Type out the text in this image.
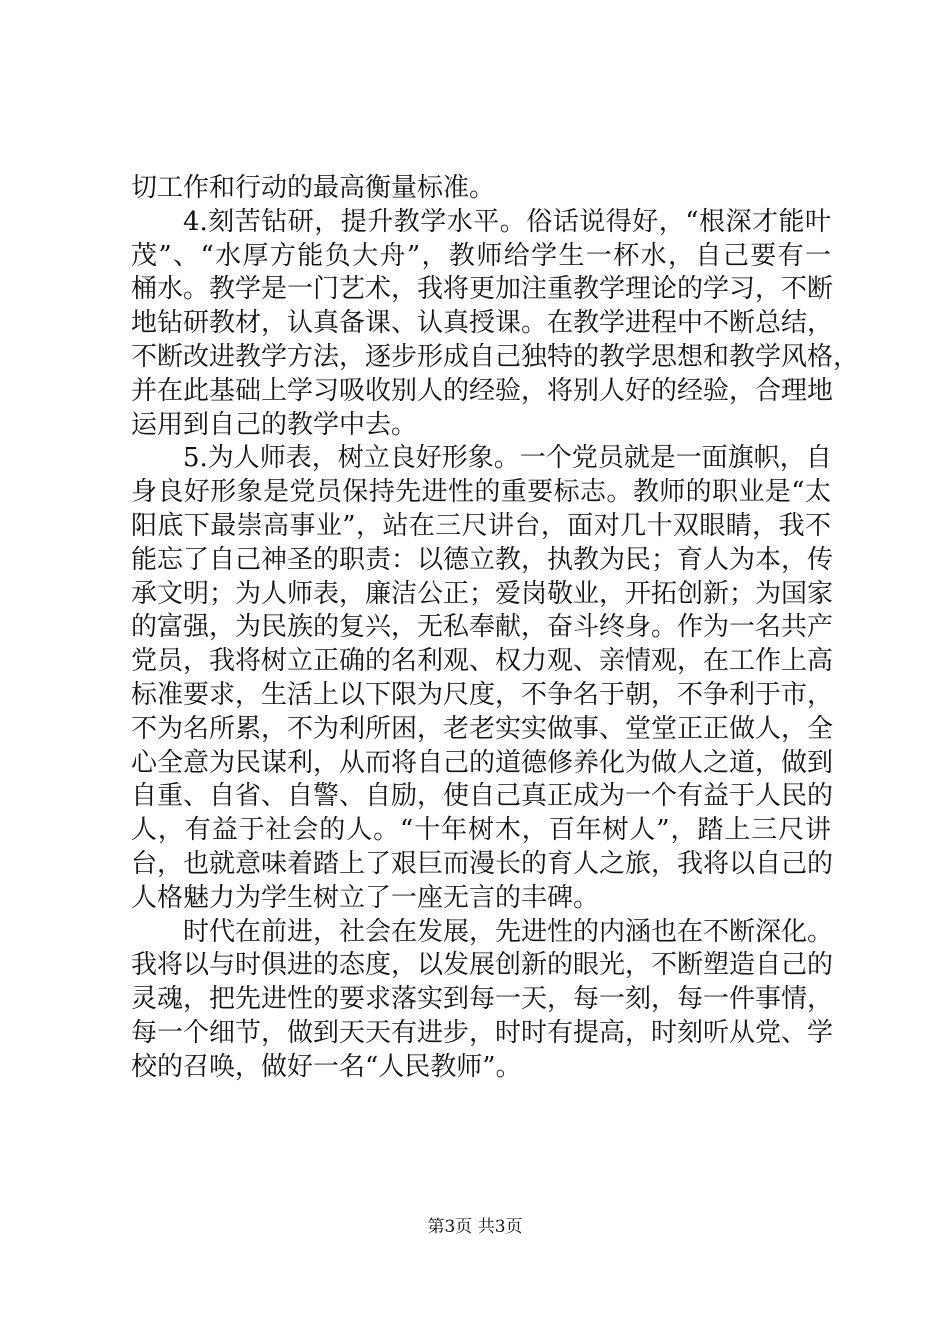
切工作和行动的最高衡量标准。
4.刻苦钻研，提升教学水平。俗话说得好，“根深才能叶
茂”、“水厚方能负大舟”，教师给学生一杯水，自己要有一
桶水。教学是一门艺术，我将更加注重教学理论的学习，不断
地钻研教材，认真备课、认真授课。在教学进程中不断总结，
不断改进教学方法，逐步形成自己独特的教学思想和教学风格，
并在此基础上学习吸收别人的经验，将别人好的经验，合理地
运用到自己的教学中去。
5.为人师表，树立良好形象。一个党员就是一面旗帜，自
身良好形象是党员保持先进性的重要标志。教师的职业是“太
阳底下最崇高事业”，站在三尺讲台，面对几十双眼睛，我不
能忘了自己神圣的职责：以德立教，执教为民；育人为本，传
承文明；为人师表，廉洁公正；爱岗敬业，开拓创新；为国家
的富强，为民族的复兴，无私奉献，奋斗终身。作为一名共产
党员，我将树立正确的名利观、权力观、亲情观，在工作上高
标准要求，生活上以下限为尺度，不争名于朝，不争利于市，
不为名所累，不为利所困，老老实实做事、堂堂正正做人，全
心全意为民谋利，从而将自己的道德修养化为做人之道，做到
自重、自省、自警、自励，使自己真正成为一个有益于人民的
人，有益于社会的人。“十年树木，百年树人”，踏上三尺讲
台，也就意味着踏上了艰巨而漫长的育人之旅，我将以自己的
人格魅力为学生树立了一座无言的丰碑。
时代在前进，社会在发展，先进性的内涵也在不断深化。
我将以与时俱进的态度，以发展创新的眼光，不断塑造自己的
灵魂，把先进性的要求落实到每一天，每一刻，每一件事情，
每一个细节，做到天天有进步，时时有提高，时刻听从党、学
校的召唤，做好一名“人民教师”。
第3页 共3页
